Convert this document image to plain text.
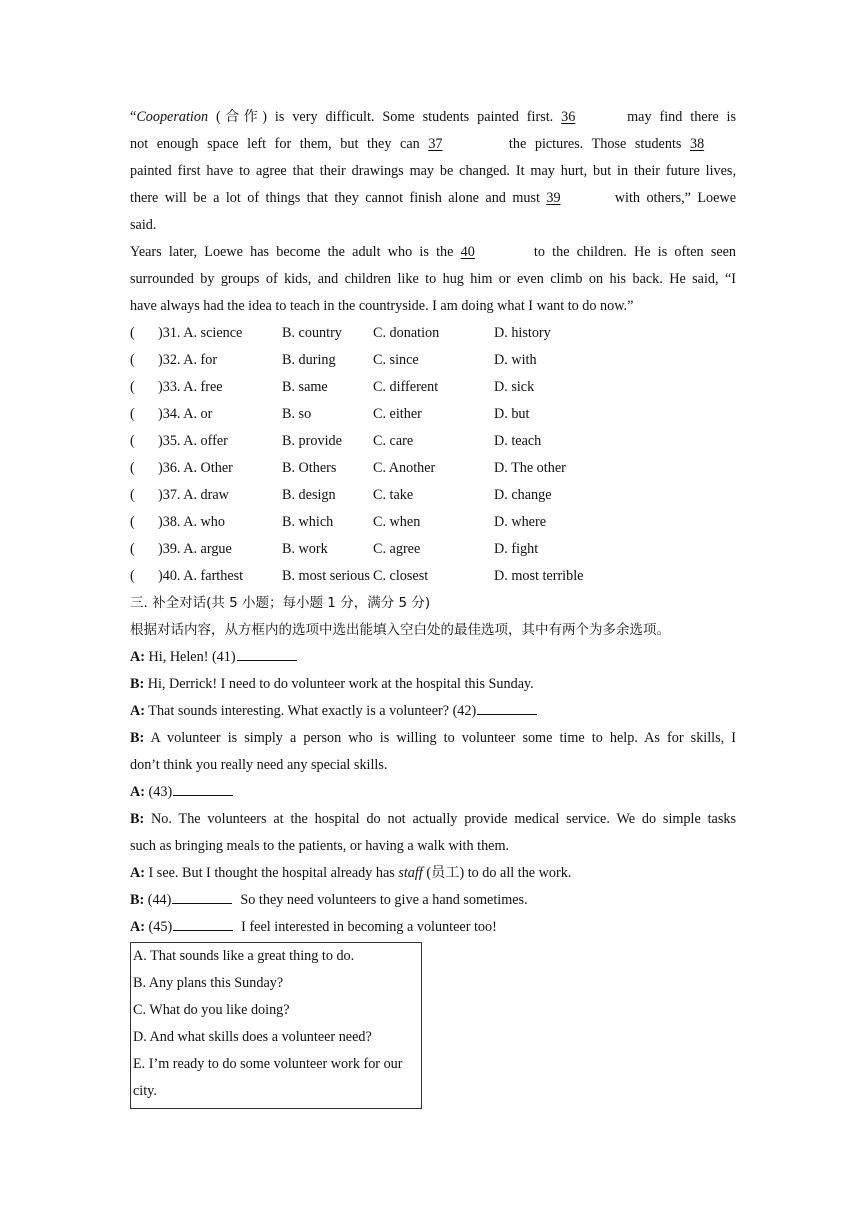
“Cooperation (合作) is very difficult. Some students painted first. 36	may find there is
not enough space left for them, but they can 37	the pictures. Those students 38
painted first have to agree that their drawings may be changed. It may hurt, but in their future lives,
there will be a lot of things that they cannot finish alone and must 39	with others,” Loewe
said.
Years later, Loewe has become the adult who is the 40	to the children. He is often seen
surrounded by groups of kids, and children like to hug him or even climb on his back. He said, “I
have always had the idea to teach in the countryside. I am doing what I want to do now.”
( )31. A. science	B. country C. donation	D. history
( )32. A. for	B. during	C. since	D. with
( )33. A. free	B. same	C. different	D. sick
( )34. A. or	B. so	C. either	D. but
( )35. A. offer	B. provide C. care	D. teach
( )36. A. Other	B. Others	C. Another	D. The other
( )37. A. draw	B. design	C. take	D. change
( )38. A. who	B. which	C. when	D. where
( )39. A. argue	B. work	C. agree	D. fight
( )40. A. farthest	B. most serious C. closest	D. most terrible
三. 补全对话(共 5 小题；每小题 1 分，满分 5 分)
根据对话内容，从方框内的选项中选出能填入空白处的最佳选项，其中有两个为多余选项。
A: Hi, Helen! (41)
B: Hi, Derrick! I need to do volunteer work at the hospital this Sunday.
A: That sounds interesting. What exactly is a volunteer? (42)
B: A volunteer is simply a person who is willing to volunteer some time to help. As for skills, I
don’t think you really need any special skills.
A: (43)
B: No. The volunteers at the hospital do not actually provide medical service. We do simple tasks
such as bringing meals to the patients, or having a walk with them.
A: I see. But I thought the hospital already has staff (员工) to do all the work.
B: (44)	So they need volunteers to give a hand sometimes.
A: (45)	I feel interested in becoming a volunteer too!
A. That sounds like a great thing to do.
B. Any plans this Sunday?
C. What do you like doing?
D. And what skills does a volunteer need?
E. I’m ready to do some volunteer work for our
city.
